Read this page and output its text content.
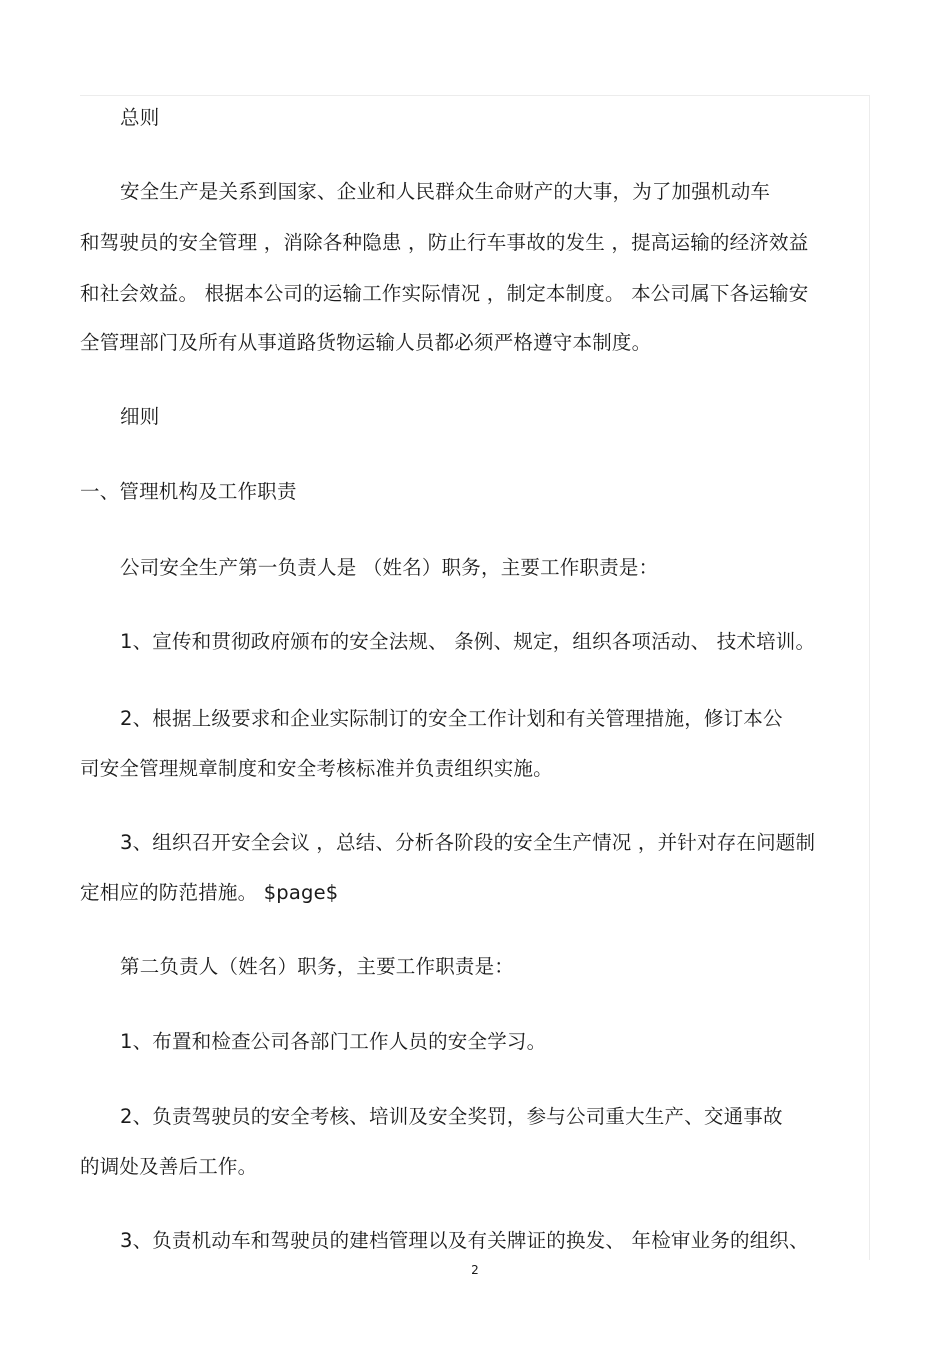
总则
安全生产是关系到国家、企业和人民群众生命财产的大事，为了加强机动车
和驾驶员的安全管理 ，消除各种隐患 ，防止行车事故的发生 ，提高运输的经济效益
和社会效益。 根据本公司的运输工作实际情况 ，制定本制度。 本公司属下各运输安
全管理部门及所有从事道路货物运输人员都必须严格遵守本制度。
细则
一、管理机构及工作职责
公司安全生产第一负责人是 （姓名）职务，主要工作职责是：
1、宣传和贯彻政府颁布的安全法规、 条例、规定，组织各项活动、 技术培训。
2、根据上级要求和企业实际制订的安全工作计划和有关管理措施，修订本公
司安全管理规章制度和安全考核标准并负责组织实施。
3、组织召开安全会议 ，总结、分析各阶段的安全生产情况 ，并针对存在问题制
定相应的防范措施。 $page$
第二负责人（姓名）职务，主要工作职责是：
1、布置和检查公司各部门工作人员的安全学习。
2、负责驾驶员的安全考核、培训及安全奖罚，参与公司重大生产、交通事故
的调处及善后工作。
3、负责机动车和驾驶员的建档管理以及有关牌证的换发、 年检审业务的组织、
2
